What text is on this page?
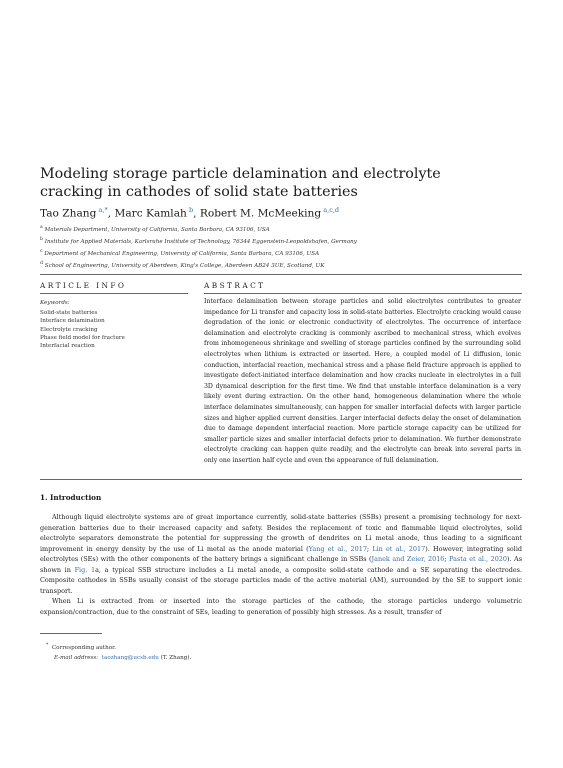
Modeling storage particle delamination and electrolyte cracking in cathodes of solid state batteries
Tao Zhang  $^{a,*}$, Marc Kamlah  $^b$, Robert M. McMeeking  $^{a,c,d}$
$^a$ Materials Department, University of California, Santa Barbara, CA 93106, USA
$^b$ Institute for Applied Materials, Karlsruhe Institute of Technology, 76344 Eggenstein-Leopoldshafen, Germany
$^c$ Department of Mechanical Engineering, University of California, Santa Barbara, CA 93106, USA
$^d$ School of Engineering, University of Aberdeen, King's College, Aberdeen AB24 3UE, Scotland, UK
ARTICLE INFO	ABSTRACT
Keywords:
Solid-state batteries
Interface delamination
Electrolyte cracking
Phase field model for fracture
Interfacial reaction
Interface delamination between storage particles and solid electrolytes contributes to greater impedance for Li transfer and capacity loss in solid-state batteries. Electrolyte cracking would cause degradation of the ionic or electronic conductivity of electrolytes. The occurrence of interface delamination and electrolyte cracking is commonly ascribed to mechanical stress, which evolves from inhomogeneous shrinkage and swelling of storage particles confined by the surrounding solid electrolytes when lithium is extracted or inserted. Here, a coupled model of Li diffusion, ionic conduction, interfacial reaction, mechanical stress and a phase field fracture approach is applied to investigate defect-initiated interface delamination and how cracks nucleate in electrolytes in a full 3D dynamical description for the first time. We find that unstable interface delamination is a very likely event during extraction. On the other hand, homogeneous delamination where the whole interface delaminates simultaneously, can happen for smaller interfacial defects with larger particle sizes and higher applied current densities. Larger interfacial defects delay the onset of delamination due to damage dependent interfacial reaction. More particle storage capacity can be utilized for smaller particle sizes and smaller interfacial defects prior to delamination. We further demonstrate electrolyte cracking can happen quite readily, and the electrolyte can break into several parts in only one insertion half cycle and even the appearance of full delamination.
1. Introduction
Although liquid electrolyte systems are of great importance currently, solid-state batteries (SSBs) present a promising technology for next-generation batteries due to their increased capacity and safety. Besides the replacement of toxic and flammable liquid electrolytes, solid electrolyte separators demonstrate the potential for suppressing the growth of dendrites on Li metal anode, thus leading to a significant improvement in energy density by the use of Li metal as the anode material (Yang et al., 2017; Lin et al., 2017). However, integrating solid electrolytes (SEs) with the other components of the battery brings a significant challenge in SSBs (Janek and Zeier, 2016; Pasta et al., 2020). As shown in Fig. 1a, a typical SSB structure includes a Li metal anode, a composite solid-state cathode and a SE separating the electrodes. Composite cathodes in SSBs usually consist of the storage particles made of the active material (AM), surrounded by the SE to support ionic transport.
When Li is extracted from or inserted into the storage particles of the cathode, the storage particles undergo volumetric expansion/contraction, due to the constraint of SEs, leading to generation of possibly high stresses. As a result, transfer of
* Corresponding author.
E-mail address: taozhang@ucsb.edu (T. Zhang).
